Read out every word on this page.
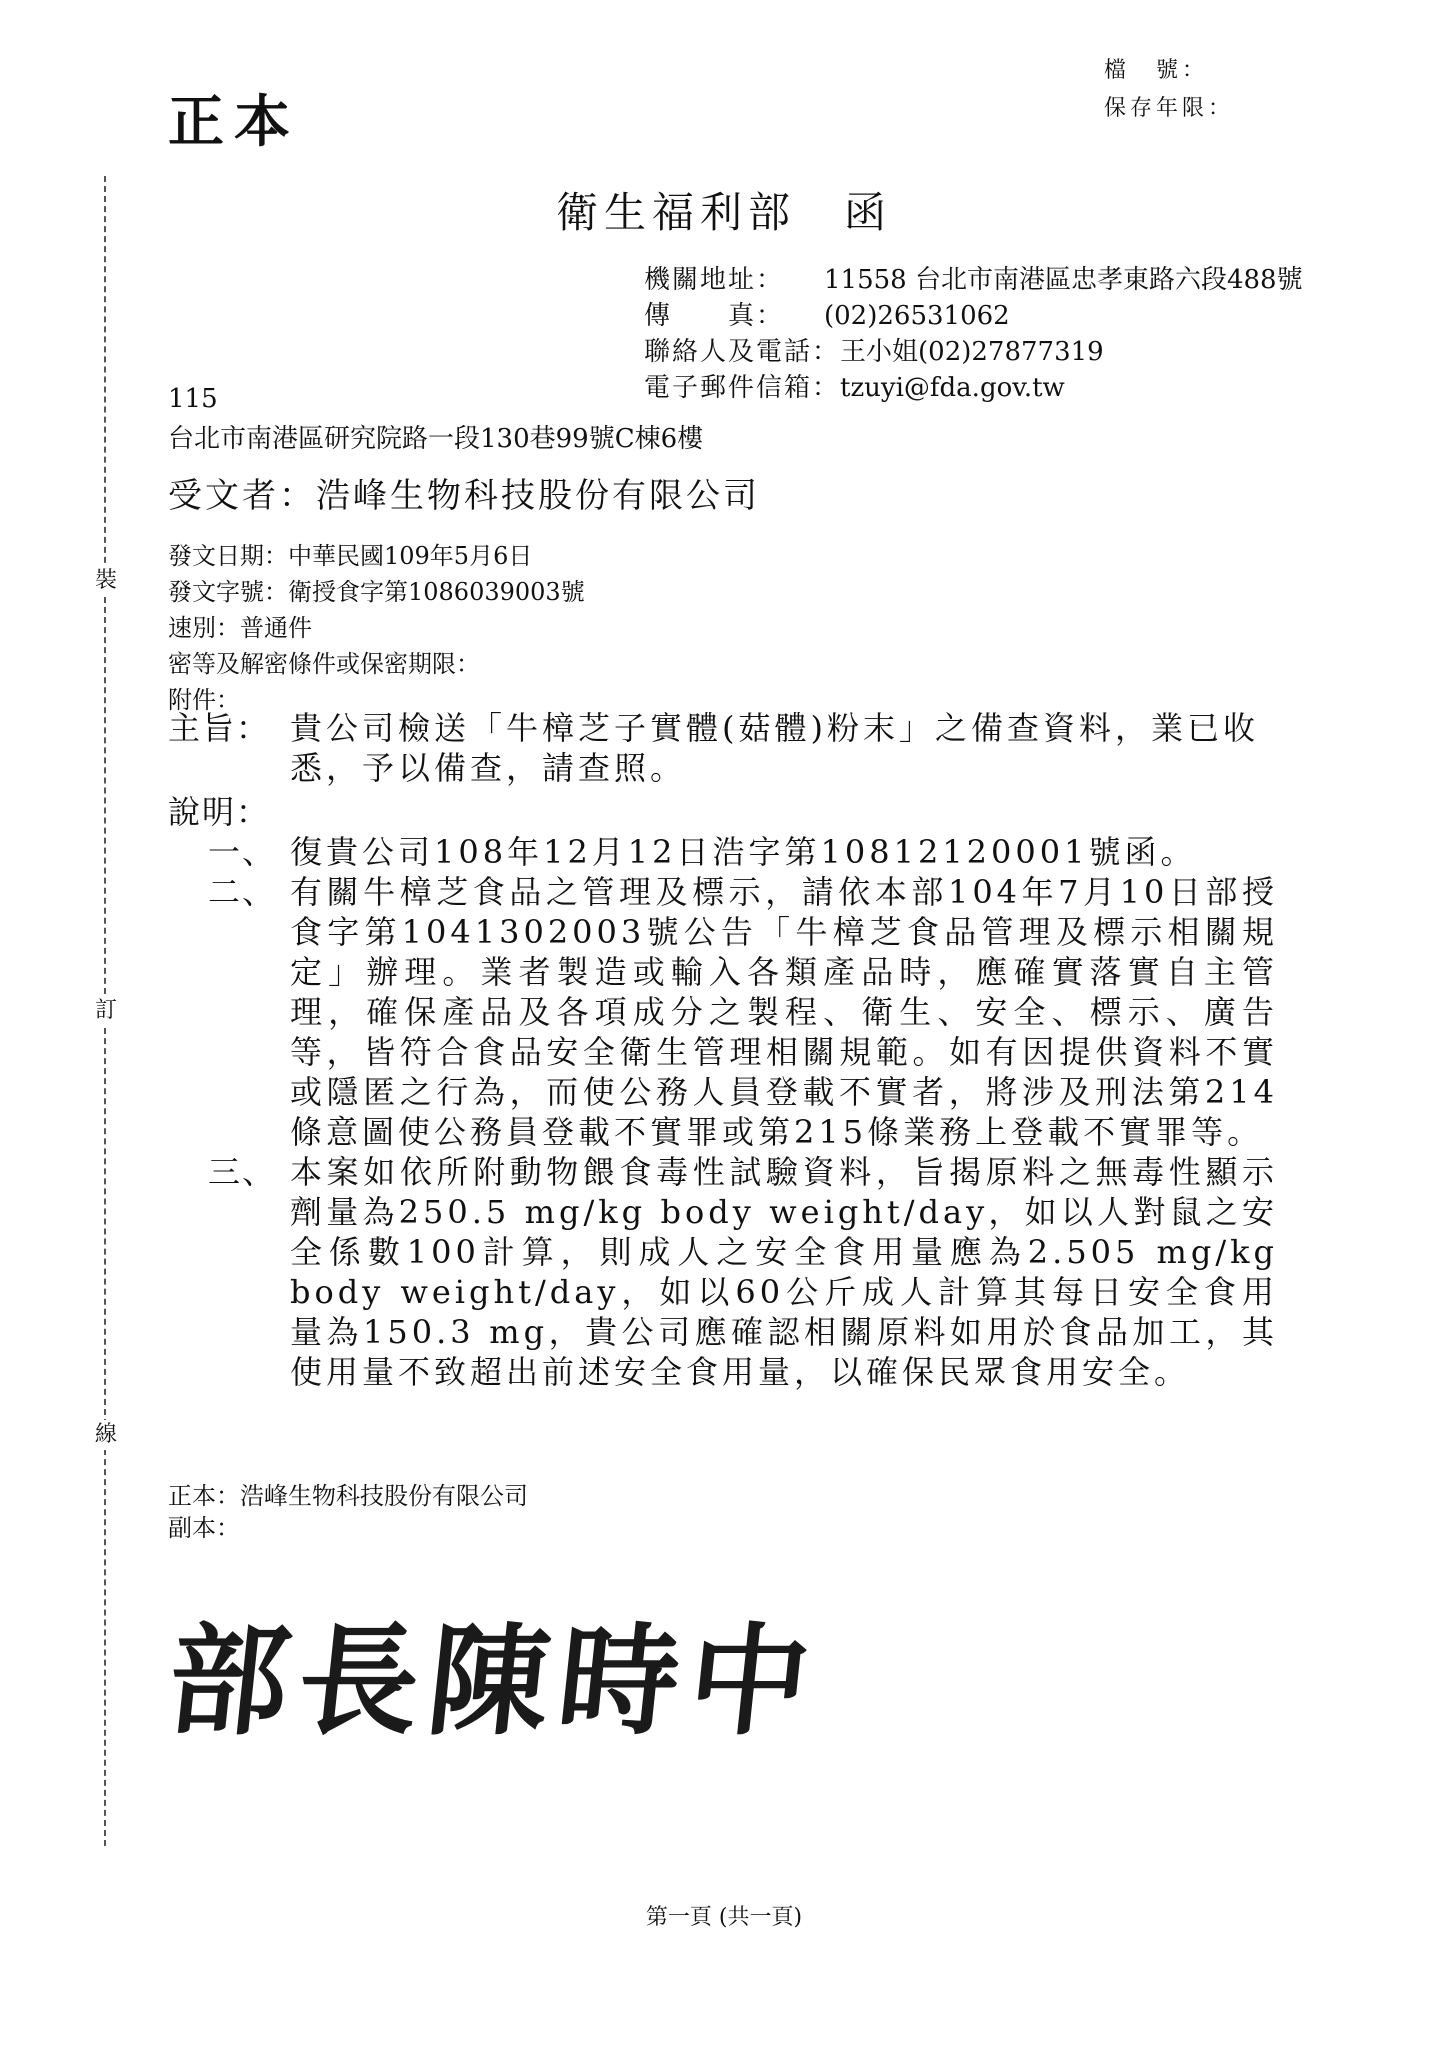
正本
檔　號：
保存年限：
裝
訂
線
衛生福利部 函
機關地址： 11558 台北市南港區忠孝東路六段488號
傳　　真： (02)26531062
聯絡人及電話：王小姐(02)27877319
電子郵件信箱：tzuyi@fda.gov.tw
115
台北市南港區研究院路一段130巷99號C棟6樓
受文者：浩峰生物科技股份有限公司
發文日期：中華民國109年5月6日
發文字號：衛授食字第1086039003號
速別：普通件
密等及解密條件或保密期限：
附件：
主旨： 貴公司檢送「牛樟芝子實體(菇體)粉末」之備查資料，業已收悉，予以備查，請查照。
說明：
一、 復貴公司108年12月12日浩字第10812120001號函。
二、 有關牛樟芝食品之管理及標示，請依本部104年7月10日部授食字第1041302003號公告「牛樟芝食品管理及標示相關規定」辦理。業者製造或輸入各類產品時，應確實落實自主管理，確保產品及各項成分之製程、衛生、安全、標示、廣告等，皆符合食品安全衛生管理相關規範。如有因提供資料不實或隱匿之行為，而使公務人員登載不實者，將涉及刑法第214條意圖使公務員登載不實罪或第215條業務上登載不實罪等。
三、 本案如依所附動物餵食毒性試驗資料，旨揭原料之無毒性顯示劑量為250.5 mg/kg body weight/day，如以人對鼠之安全係數100計算，則成人之安全食用量應為2.505 mg/kg body weight/day，如以60公斤成人計算其每日安全食用量為150.3 mg，貴公司應確認相關原料如用於食品加工，其使用量不致超出前述安全食用量，以確保民眾食用安全。
正本：浩峰生物科技股份有限公司
副本：
部長陳時中
第一頁 (共一頁)
